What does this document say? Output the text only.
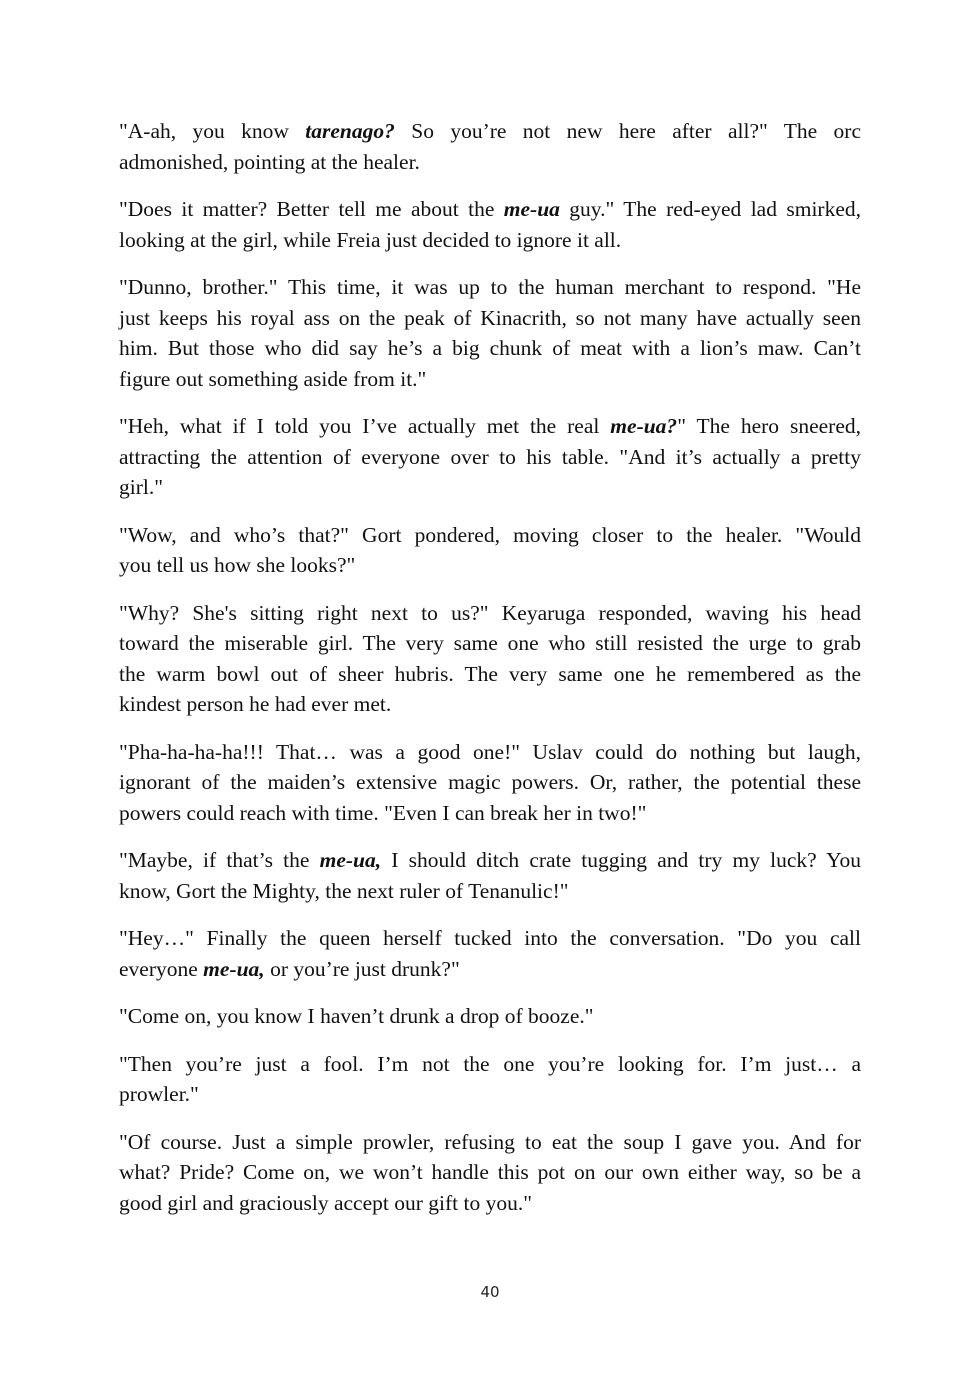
"A-ah, you know tarenago? So you’re not new here after all?" The orc
admonished, pointing at the healer.
"Does it matter? Better tell me about the me-ua guy." The red-eyed lad smirked,
looking at the girl, while Freia just decided to ignore it all.
"Dunno, brother." This time, it was up to the human merchant to respond. "He
just keeps his royal ass on the peak of Kinacrith, so not many have actually seen
him. But those who did say he’s a big chunk of meat with a lion’s maw. Can’t
figure out something aside from it."
"Heh, what if I told you I’ve actually met the real me-ua?" The hero sneered,
attracting the attention of everyone over to his table. "And it’s actually a pretty
girl."
"Wow, and who’s that?" Gort pondered, moving closer to the healer. "Would
you tell us how she looks?"
"Why? She's sitting right next to us?" Keyaruga responded, waving his head
toward the miserable girl. The very same one who still resisted the urge to grab
the warm bowl out of sheer hubris. The very same one he remembered as the
kindest person he had ever met.
"Pha-ha-ha-ha!!! That… was a good one!" Uslav could do nothing but laugh,
ignorant of the maiden’s extensive magic powers. Or, rather, the potential these
powers could reach with time. "Even I can break her in two!"
"Maybe, if that’s the me-ua, I should ditch crate tugging and try my luck? You
know, Gort the Mighty, the next ruler of Tenanulic!"
"Hey…" Finally the queen herself tucked into the conversation. "Do you call
everyone me-ua, or you’re just drunk?"
"Come on, you know I haven’t drunk a drop of booze."
"Then you’re just a fool. I’m not the one you’re looking for. I’m just… a
prowler."
"Of course. Just a simple prowler, refusing to eat the soup I gave you. And for
what? Pride? Come on, we won’t handle this pot on our own either way, so be a
good girl and graciously accept our gift to you."
40
